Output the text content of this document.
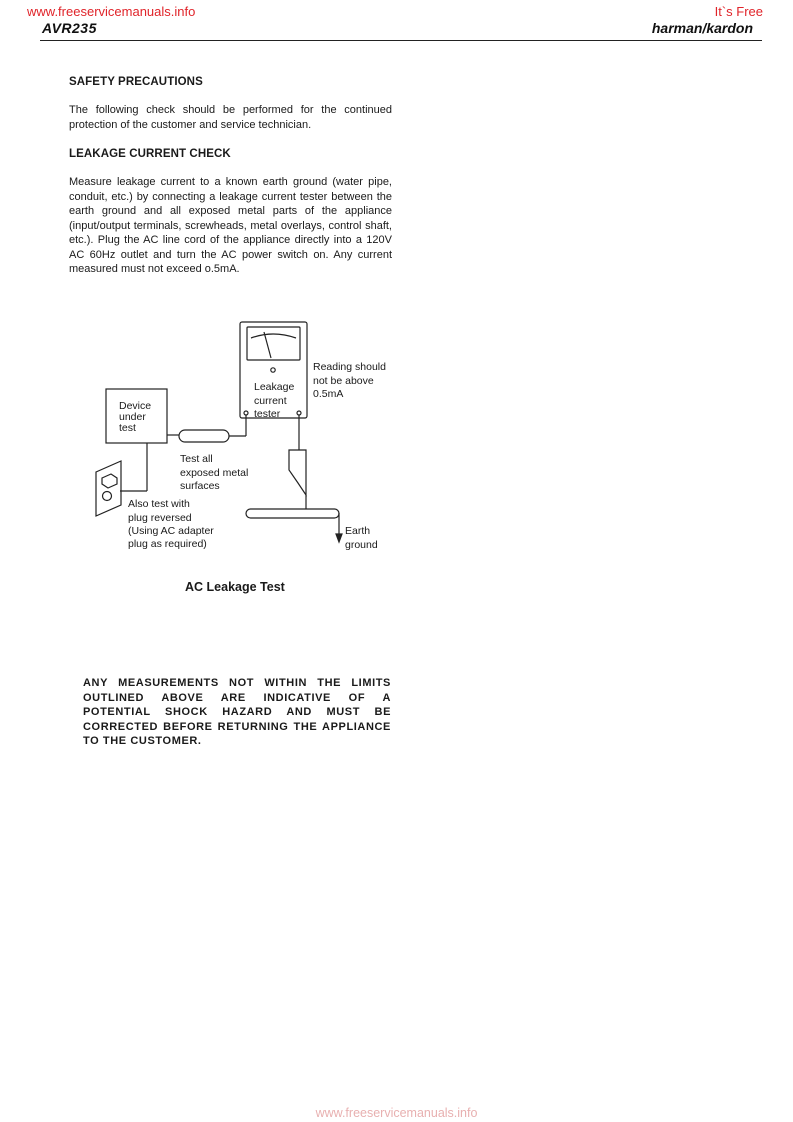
www.freeservicemanuals.info	It`s Free
AVR235	harman/kardon
SAFETY PRECAUTIONS
The following check should be performed for the continued protection of the customer and service technician.
LEAKAGE CURRENT CHECK
Measure leakage current to a known earth ground (water pipe, conduit, etc.) by connecting a leakage current tester between the earth ground and all exposed metal parts of the appliance (input/output terminals, screwheads, metal overlays, control shaft, etc.). Plug the AC line cord of the appliance directly into a 120V AC 60Hz outlet and turn the AC power switch on. Any current measured must not exceed o.5mA.
Device
under
test
Leakage
current
tester
Reading should
not be above
0.5mA
Test all
exposed metal
surfaces
Also test with
plug reversed
(Using AC adapter
plug as required)
Earth
ground
AC Leakage Test
ANY MEASUREMENTS NOT WITHIN THE LIMITS OUTLINED ABOVE ARE INDICATIVE OF A POTENTIAL SHOCK HAZARD AND MUST BE CORRECTED BEFORE RETURNING THE APPLIANCE TO THE CUSTOMER.
www.freeservicemanuals.info
